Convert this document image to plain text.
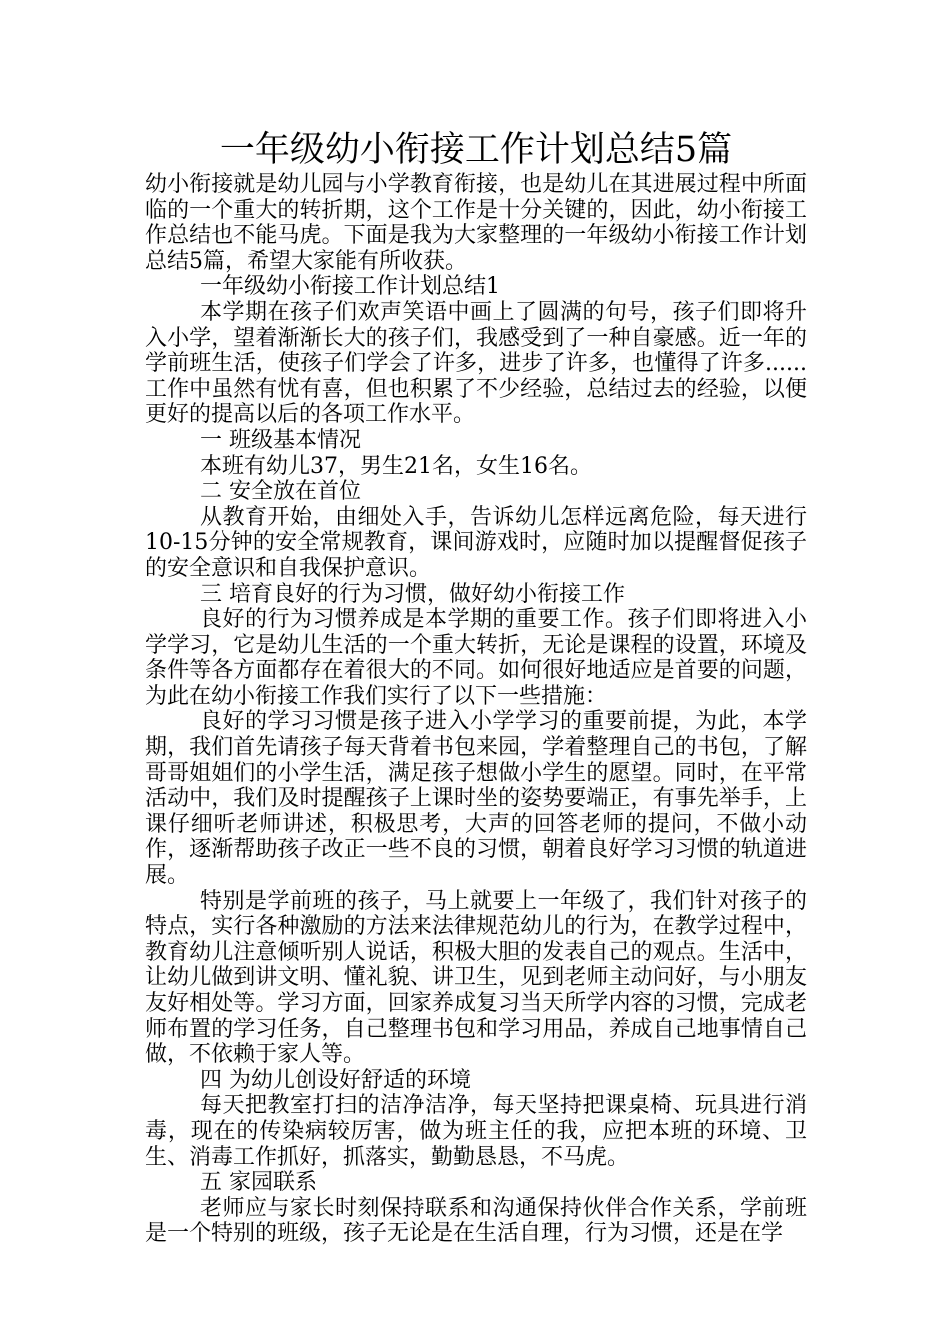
一年级幼小衔接工作计划总结5篇

幼小衔接就是幼儿园与小学教育衔接，也是幼儿在其进展过程中所面临的一个重大的转折期，这个工作是十分关键的，因此，幼小衔接工作总结也不能马虎。下面是我为大家整理的一年级幼小衔接工作计划总结5篇，希望大家能有所收获。

一年级幼小衔接工作计划总结1

本学期在孩子们欢声笑语中画上了圆满的句号，孩子们即将升入小学，望着渐渐长大的孩子们，我感受到了一种自豪感。近一年的学前班生活，使孩子们学会了许多，进步了许多，也懂得了许多......工作中虽然有忧有喜，但也积累了不少经验，总结过去的经验，以便更好的提高以后的各项工作水平。

一 班级基本情况

本班有幼儿37，男生21名，女生16名。

二 安全放在首位

从教育开始，由细处入手，告诉幼儿怎样远离危险，每天进行10-15分钟的安全常规教育，课间游戏时，应随时加以提醒督促孩子的安全意识和自我保护意识。

三 培育良好的行为习惯，做好幼小衔接工作

良好的行为习惯养成是本学期的重要工作。孩子们即将进入小学学习，它是幼儿生活的一个重大转折，无论是课程的设置，环境及条件等各方面都存在着很大的不同。如何很好地适应是首要的问题，为此在幼小衔接工作我们实行了以下一些措施：

良好的学习习惯是孩子进入小学学习的重要前提，为此，本学期，我们首先请孩子每天背着书包来园，学着整理自己的书包，了解哥哥姐姐们的小学生活，满足孩子想做小学生的愿望。同时，在平常活动中，我们及时提醒孩子上课时坐的姿势要端正，有事先举手，上课仔细听老师讲述，积极思考，大声的回答老师的提问，不做小动作，逐渐帮助孩子改正一些不良的习惯，朝着良好学习习惯的轨道进展。

特别是学前班的孩子，马上就要上一年级了，我们针对孩子的特点，实行各种激励的方法来法律规范幼儿的行为，在教学过程中，教育幼儿注意倾听别人说话，积极大胆的发表自己的观点。生活中，让幼儿做到讲文明、懂礼貌、讲卫生，见到老师主动问好，与小朋友友好相处等。学习方面，回家养成复习当天所学内容的习惯，完成老师布置的学习任务，自己整理书包和学习用品，养成自己地事情自己做，不依赖于家人等。

四 为幼儿创设好舒适的环境

每天把教室打扫的洁净洁净，每天坚持把课桌椅、玩具进行消毒，现在的传染病较厉害，做为班主任的我，应把本班的环境、卫生、消毒工作抓好，抓落实，勤勤恳恳，不马虎。

五 家园联系

老师应与家长时刻保持联系和沟通保持伙伴合作关系，学前班是一个特别的班级，孩子无论是在生活自理，行为习惯，还是在学
